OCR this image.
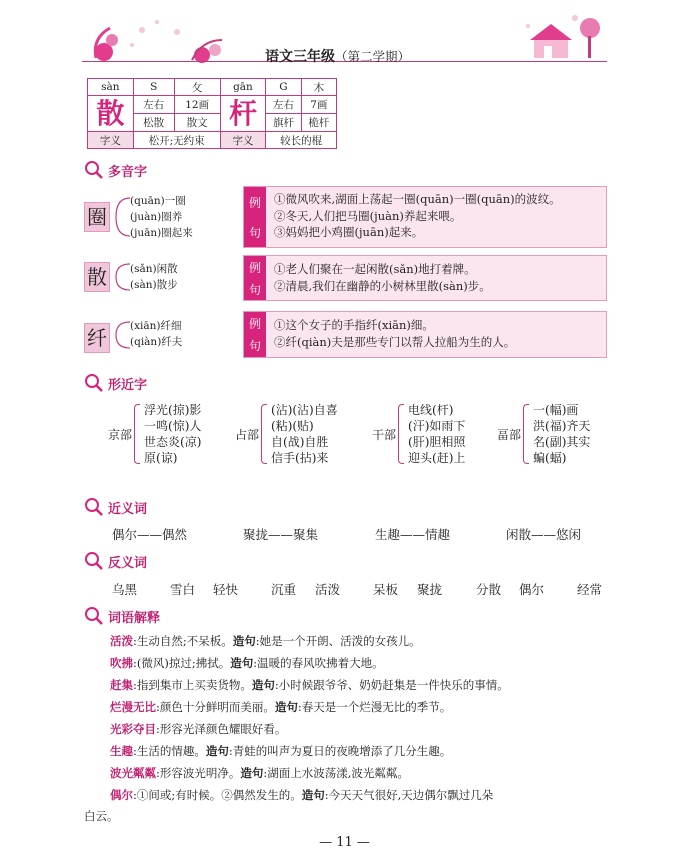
语文三年级（第二学期）
sàn	S	攵	gān	G	木
散	左右	12画	杆	左右	7画
	松散	散文		旗杆	桅杆
字义	松开;无约束		字义	较长的棍	
多音字
圈
(quān)一圈
(juàn)圈养
(juān)圈起来
例
句
①微风吹来,湖面上荡起一圈(quān)一圈(quān)的波纹。
②冬天,人们把马圈(juàn)养起来喂。
③妈妈把小鸡圈(juān)起来。
散 (sǎn)闲散
(sàn)散步
例
句
①老人们聚在一起闲散(sǎn)地打着牌。
②清晨,我们在幽静的小树林里散(sàn)步。
纤 (xiān)纤细
(qiàn)纤夫
例
句
①这个女子的手指纤(xiān)细。
②纤(qiàn)夫是那些专门以帮人拉船为生的人。
形近字
京部
浮光(掠)影
一鸣(惊)人
世态炎(凉)
原(谅)
占部
(沾)(沾)自喜
(粘)(贴)
自(战)自胜
信手(拈)来
干部
电线(杆)
(汗)如雨下
(肝)胆相照
迎头(赶)上
畐部
一(幅)画
洪(福)齐天
名(副)其实
蝙(蝠)
近义词
偶尔——偶然	聚拢——聚集	生趣——情趣	闲散——悠闲
反义词
乌黑	雪白 轻快	沉重 活泼	呆板 聚拢	分散 偶尔	经常
词语解释
活泼:生动自然;不呆板。造句:她是一个开朗、活泼的女孩儿。
吹拂:(微风)掠过;拂拭。造句:温暖的春风吹拂着大地。
赶集:指到集市上买卖货物。造句:小时候跟爷爷、奶奶赶集是一件快乐的事情。
烂漫无比:颜色十分鲜明而美丽。造句:春天是一个烂漫无比的季节。
光彩夺目:形容光泽颜色耀眼好看。
生趣:生活的情趣。造句:青蛙的叫声为夏日的夜晚增添了几分生趣。
波光粼粼:形容波光明净。造句:湖面上水波荡漾,波光粼粼。
偶尔:①间或;有时候。②偶然发生的。造句:今天天气很好,天边偶尔飘过几朵
白云。
— 11 —
